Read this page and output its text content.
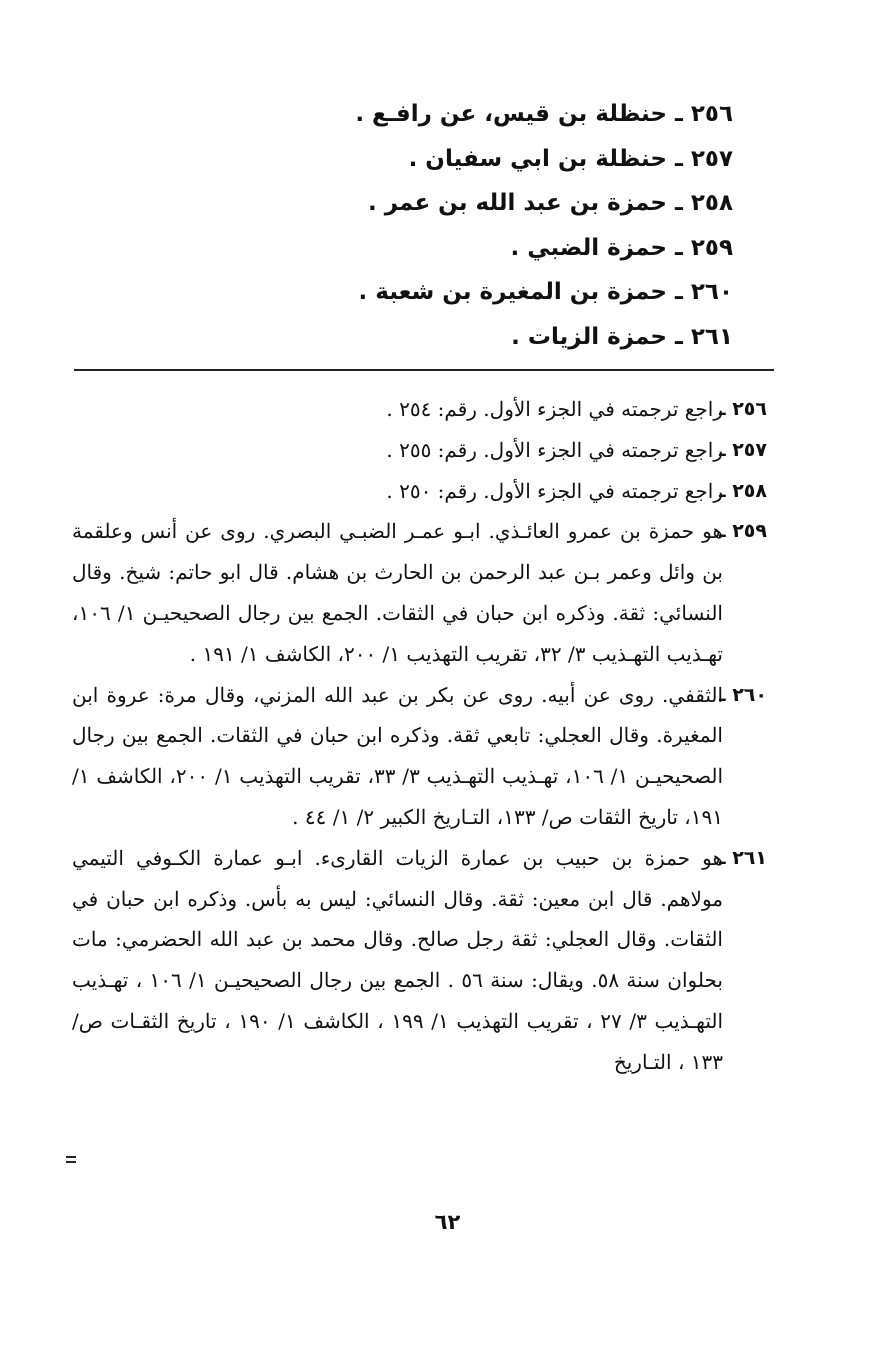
٢٥٦ ـ حنظلة بن قيس، عن رافـع .
٢٥٧ ـ حنظلة بن ابي سفيان .
٢٥٨ ـ حمزة بن عبد الله بن عمر .
٢٥٩ ـ حمزة الضبي .
٢٦٠ ـ حمزة بن المغيرة بن شعبة .
٢٦١ ـ حمزة الزيات .
٢٥٦ ـ
راجع ترجمته في الجزء الأول. رقم: ٢٥٤ .
٢٥٧ ـ
راجع ترجمته في الجزء الأول. رقم: ٢٥٥ .
٢٥٨ ـ
راجع ترجمته في الجزء الأول. رقم: ٢٥٠ .
٢٥٩ ـ
هو حمزة بن عمرو العائـذي. ابـو عمـر الضبـي البصري. روى عن أنس وعلقمة بن وائل وعمر بـن عبد الرحمن بن الحارث بن هشام. قال ابو حاتم: شيخ. وقال النسائي: ثقة. وذكره ابن حبان في الثقات. الجمع بين رجال الصحيحيـن ١/ ١٠٦، تهـذيب التهـذيب ٣/ ٣٢، تقريب التهذيب ١/ ٢٠٠، الكاشف ١/ ١٩١ .
٢٦٠ ـ
الثقفي. روى عن أبيه. روى عن بكر بن عبد الله المزني، وقال مرة: عروة ابن المغيرة. وقال العجلي: تابعي ثقة. وذكره ابن حبان في الثقات. الجمع بين رجال الصحيحيـن ١/ ١٠٦، تهـذيب التهـذيب ٣/ ٣٣، تقريب التهذيب ١/ ٢٠٠، الكاشف ١/ ١٩١، تاريخ الثقات ص/ ١٣٣، التـاريخ الكبير ٢/ ١/ ٤٤ .
٢٦١ ـ
هو حمزة بن حبيب بن عمارة الزيات القارىء. ابـو عمارة الكـوفي التيمي مولاهم. قال ابن معين: ثقة. وقال النسائي: ليس به بأس. وذكره ابن حبان في الثقات. وقال العجلي: ثقة رجل صالح. وقال محمد بن عبد الله الحضرمي: مات بحلوان سنة ٥٨. ويقال: سنة ٥٦ . الجمع بين رجال الصحيحيـن ١/ ١٠٦ ، تهـذيب التهـذيب ٣/ ٢٧ ، تقريب التهذيب ١/ ١٩٩ ، الكاشف ١/ ١٩٠ ، تاريخ الثقـات ص/ ١٣٣ ، التـاريخ
٦٢
